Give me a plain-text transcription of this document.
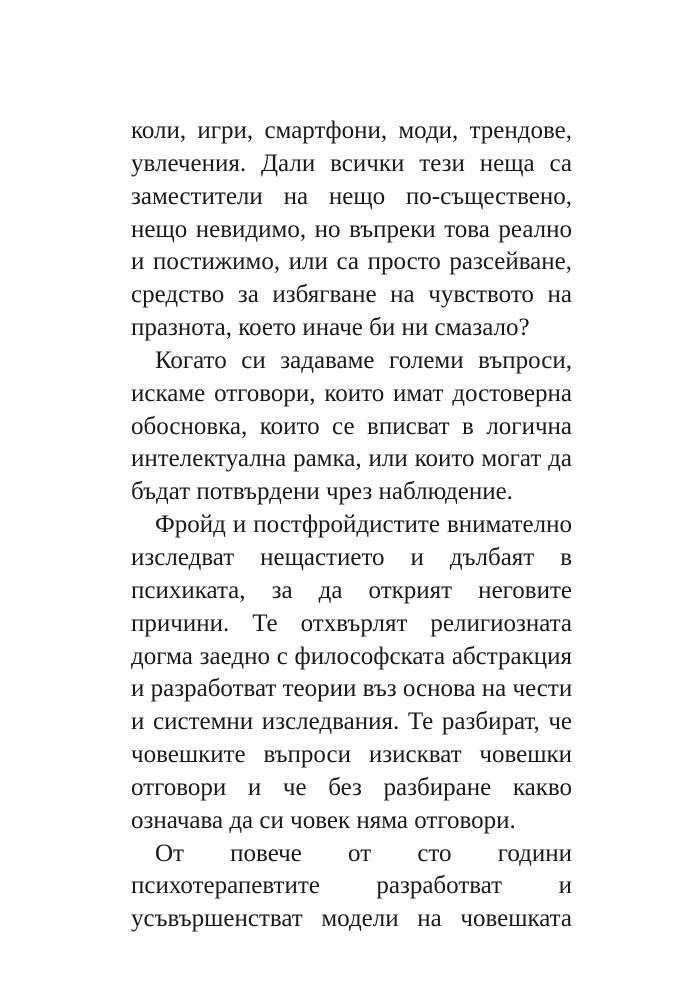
коли, игри, смартфони, моди, трендове,
увлечения. Дали всички тези неща са
заместители на нещо по-съществено,
нещо невидимо, но въпреки това реално
и постижимо, или са просто разсейване,
средство за избягване на чувството на
празнота, което иначе би ни смазало?

Когато си задаваме големи въпроси,
искаме отговори, които имат достоверна
обосновка, които се вписват в логична
интелектуална рамка, или които могат да
бъдат потвърдени чрез наблюдение.

Фройд и постфройдистите внимателно
изследват нещастието и дълбаят в
психиката, за да открият неговите
причини. Те отхвърлят религиозната
догма заедно с философската абстракция
и разработват теории въз основа на чести
и системни изследвания. Те разбират, че
човешките въпроси изискват човешки
отговори и че без разбиране какво
означава да си човек няма отговори.

От повече от сто години
психотерапевтите разработват и
усъвършенстват модели на човешката
